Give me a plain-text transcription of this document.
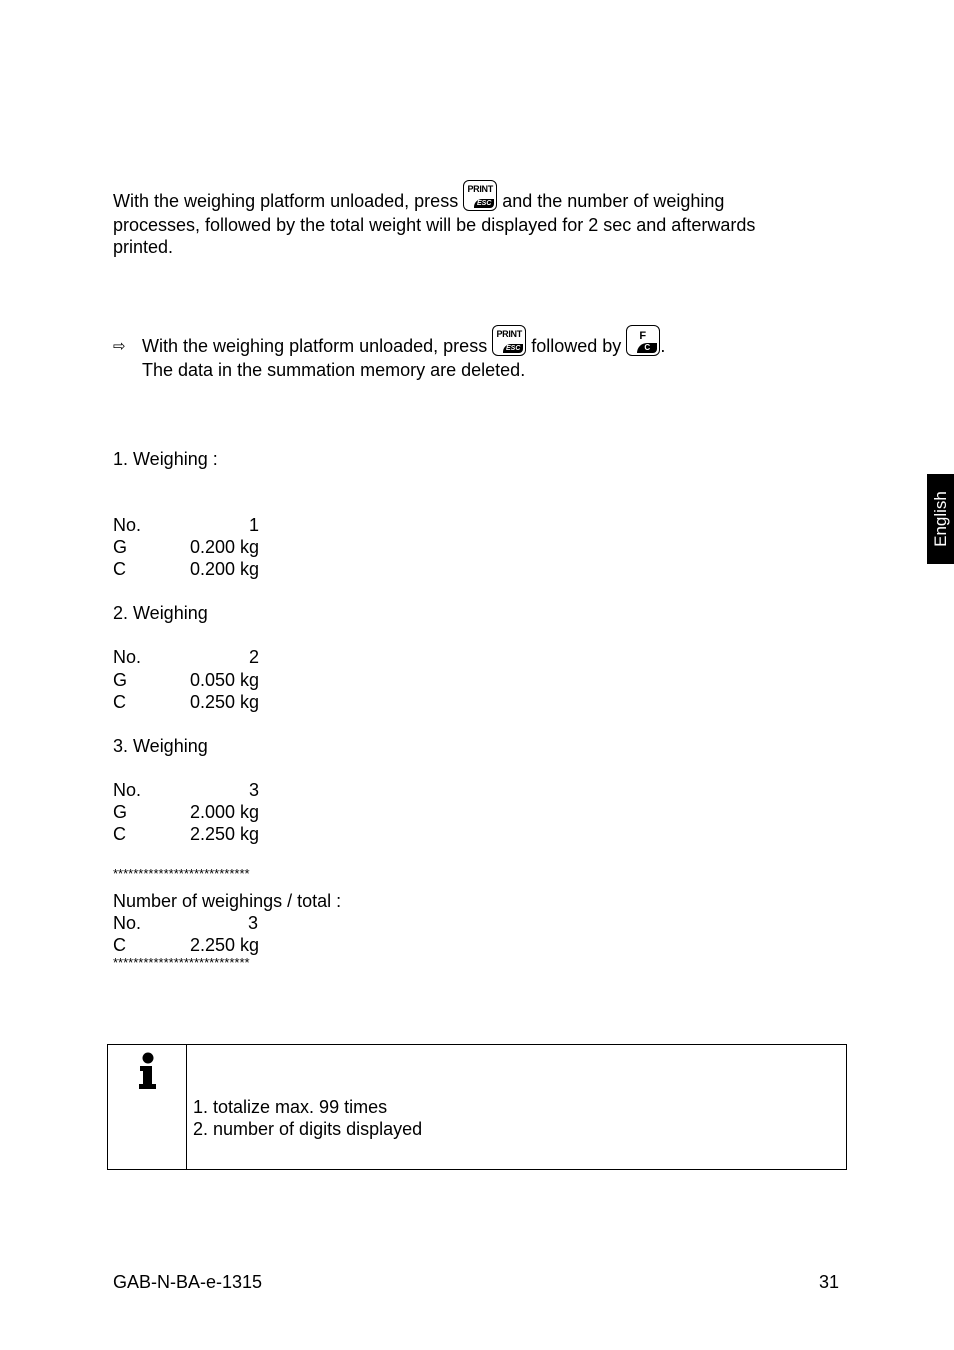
With the weighing platform unloaded, press
PRINT
ESC and the number of weighing
processes, followed by the total weight will be displayed for 2 sec and afterwards
printed.
⇨ With the weighing platform unloaded, press
PRINT
ESC followed by F
C .
The data in the summation memory are deleted.
1. Weighing :
No.	1
G	0.200 kg
C	0.200 kg
2. Weighing
No.	2
G	0.050 kg
C	0.250 kg
3. Weighing
No.	3
G	2.000 kg
C	2.250 kg
***************************
Number of weighings / total :
No.	3
C	2.250 kg
***************************
1. totalize max. 99 times
2. number of digits displayed
English
GAB-N-BA-e-1315	31
